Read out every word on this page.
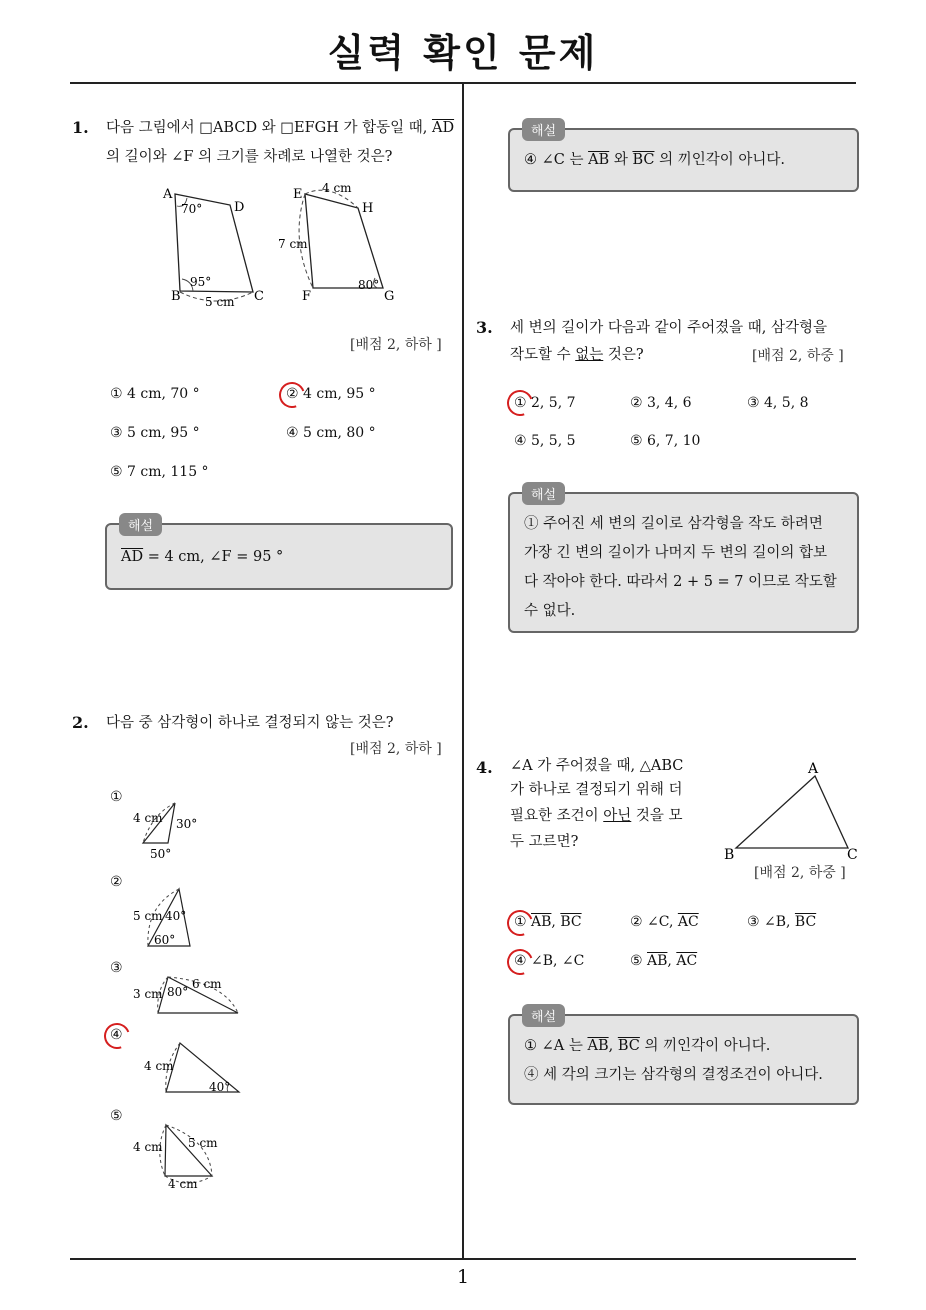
실력 확인 문제
1
1. 다음 그림에서 □ABCD 와 □EFGH 가 합동일 때, $\overline{AD}$
의 길이와 ∠F 의 크기를 차례로 나열한 것은?
A
D
B	C
70°
95°
5 cm
E
H
F	G
4 cm
7 cm
80°
[배점 2, 하하 ]
① 4 cm, 70 °	② 4 cm, 95 °
③ 5 cm, 95 °	④ 5 cm, 80 °
⑤ 7 cm, 115 °
해설
$\overline{AD} = 4$ cm, ∠F = 95 °
2. 다음 중 삼각형이 하나로 결정되지 않는 것은?
[배점 2, 하하 ]
①
4 cm 30°
50°
②
5 cm 40°
60°
③
3 cm 80°
6 cm
④
4 cm
40°
⑤
4 cm 5 cm
4 cm
해설
④ ∠C 는 $\overline{AB}$ 와 $\overline{BC}$ 의 끼인각이 아니다.
3. 세 변의 길이가 다음과 같이 주어졌을 때, 삼각형을
작도할 수 없는 것은?	[배점 2, 하중 ]
① 2, 5, 7	② 3, 4, 6	③ 4, 5, 8
④ 5, 5, 5	⑤ 6, 7, 10
해설
① 주어진 세 변의 길이로 삼각형을 작도 하려면
가장 긴 변의 길이가 나머지 두 변의 길이의 합보
다 작아야 한다. 따라서 2 + 5 = 7 이므로 작도할
수 없다.
4. ∠A 가 주어졌을 때, △ABC
가 하나로 결정되기 위해 더
필요한 조건이 아닌 것을 모
두 고르면?
A
B	C
[배점 2, 하중 ]
① $\overline{AB}$, $\overline{BC}$	② ∠C, $\overline{AC}$	③ ∠B, $\overline{BC}$
④ ∠B, ∠C	⑤ $\overline{AB}$, $\overline{AC}$
해설
① ∠A 는 $\overline{AB}$, $\overline{BC}$ 의 끼인각이 아니다.
④ 세 각의 크기는 삼각형의 결정조건이 아니다.
